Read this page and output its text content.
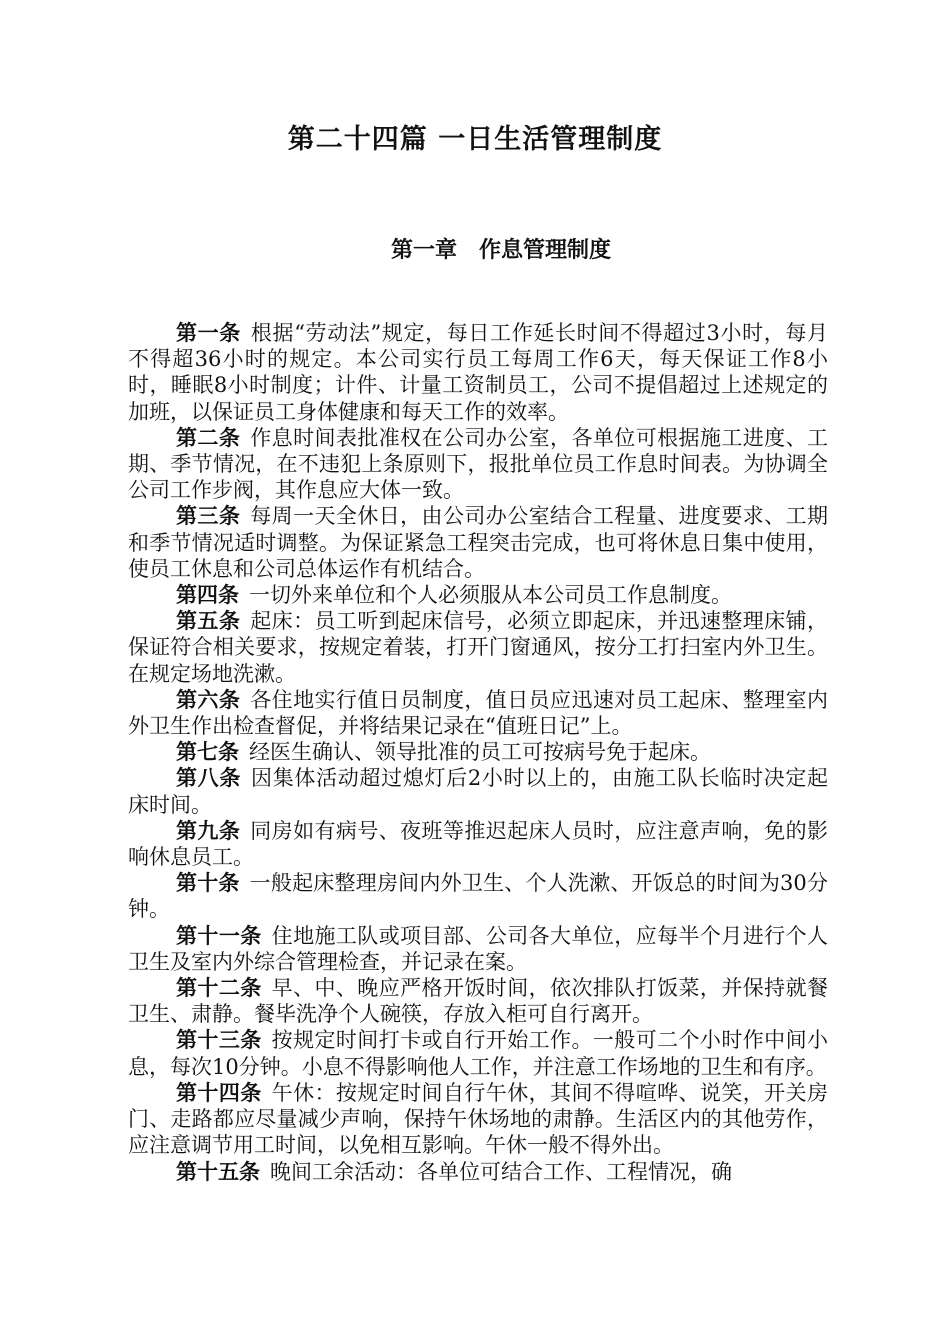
第二十四篇 一日生活管理制度
第一章　作息管理制度

第一条 根据“劳动法”规定，每日工作延长时间不得超过3小时，每月不得超36小时的规定。本公司实行员工每周工作6天，每天保证工作8小时，睡眠8小时制度；计件、计量工资制员工，公司不提倡超过上述规定的加班，以保证员工身体健康和每天工作的效率。

第二条 作息时间表批准权在公司办公室，各单位可根据施工进度、工期、季节情况，在不违犯上条原则下，报批单位员工作息时间表。为协调全公司工作步阀，其作息应大体一致。

第三条 每周一天全休日，由公司办公室结合工程量、进度要求、工期和季节情况适时调整。为保证紧急工程突击完成，也可将休息日集中使用，使员工休息和公司总体运作有机结合。

第四条 一切外来单位和个人必须服从本公司员工作息制度。

第五条 起床：员工听到起床信号，必须立即起床，并迅速整理床铺，保证符合相关要求，按规定着装，打开门窗通风，按分工打扫室内外卫生。在规定场地洗漱。

第六条 各住地实行值日员制度，值日员应迅速对员工起床、整理室内外卫生作出检查督促，并将结果记录在“值班日记”上。

第七条 经医生确认、领导批准的员工可按病号免于起床。

第八条 因集体活动超过熄灯后2小时以上的，由施工队长临时决定起床时间。

第九条 同房如有病号、夜班等推迟起床人员时，应注意声响，免的影响休息员工。

第十条 一般起床整理房间内外卫生、个人洗漱、开饭总的时间为30分钟。

第十一条 住地施工队或项目部、公司各大单位，应每半个月进行个人卫生及室内外综合管理检查，并记录在案。

第十二条 早、中、晚应严格开饭时间，依次排队打饭菜，并保持就餐卫生、肃静。餐毕洗净个人碗筷，存放入柜可自行离开。

第十三条 按规定时间打卡或自行开始工作。一般可二个小时作中间小息，每次10分钟。小息不得影响他人工作，并注意工作场地的卫生和有序。

第十四条 午休：按规定时间自行午休，其间不得喧哗、说笑，开关房门、走路都应尽量减少声响，保持午休场地的肃静。生活区内的其他劳作，应注意调节用工时间，以免相互影响。午休一般不得外出。

第十五条 晚间工余活动：各单位可结合工作、工程情况，确
